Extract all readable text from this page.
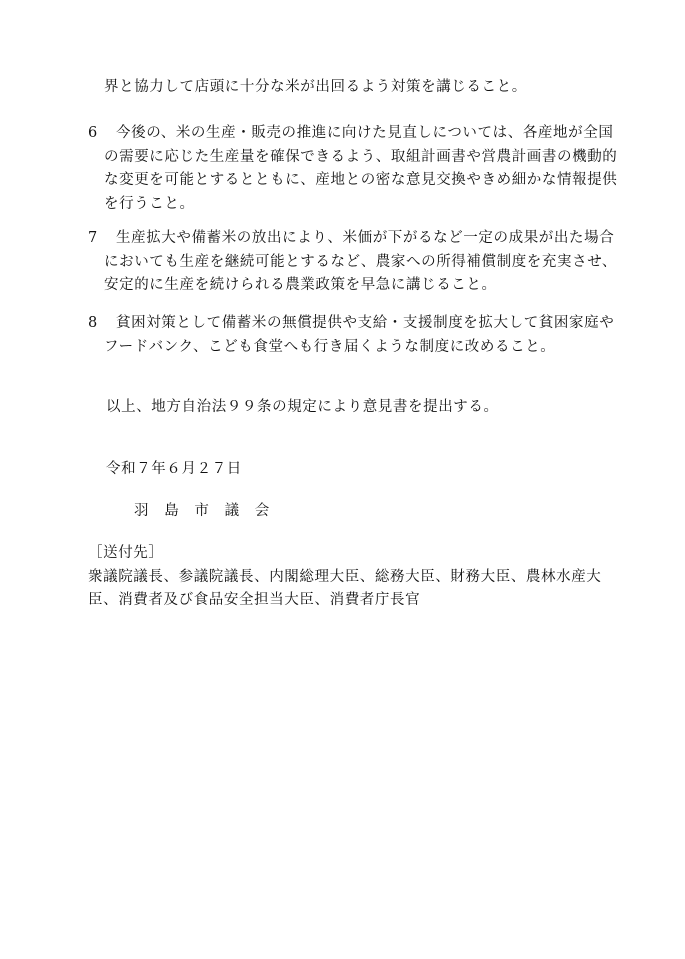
界と協力して店頭に十分な米が出回るよう対策を講じること。
6	今後の、米の生産・販売の推進に向けた見直しについては、各産地が全国
の需要に応じた生産量を確保できるよう、取組計画書や営農計画書の機動的
な変更を可能とするとともに、産地との密な意見交換やきめ細かな情報提供
を行うこと。
7	生産拡大や備蓄米の放出により、米価が下がるなど一定の成果が出た場合
においても生産を継続可能とするなど、農家への所得補償制度を充実させ、
安定的に生産を続けられる農業政策を早急に講じること。
8	貧困対策として備蓄米の無償提供や支給・支援制度を拡大して貧困家庭や
フードバンク、こども食堂へも行き届くような制度に改めること。
以上、地方自治法９９条の規定により意見書を提出する。
令和７年６月２７日
羽　島　市　議　会
［送付先］
衆議院議長、参議院議長、内閣総理大臣、総務大臣、財務大臣、農林水産大
臣、消費者及び食品安全担当大臣、消費者庁長官
